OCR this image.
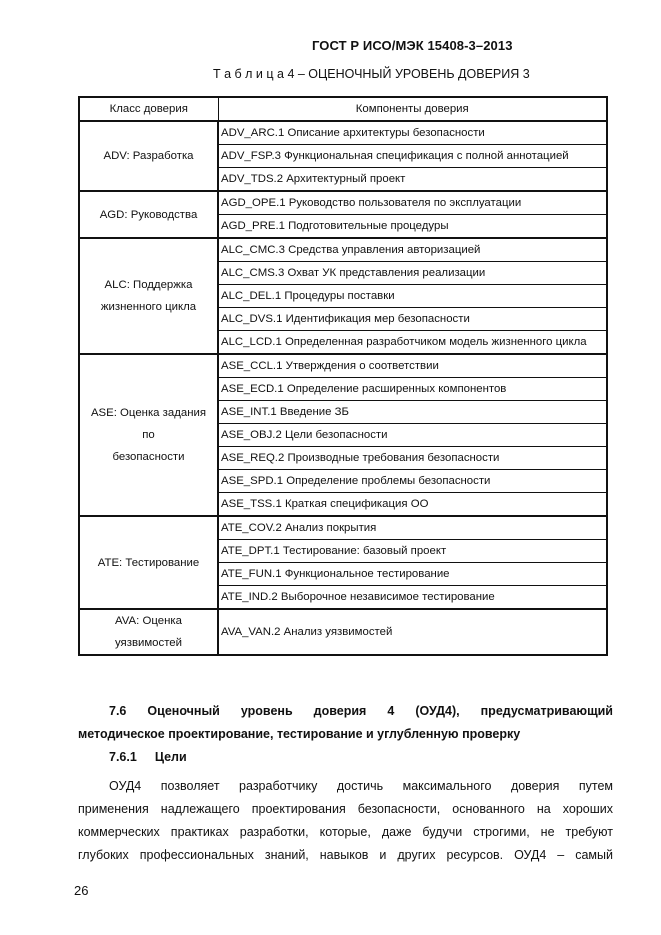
ГОСТ Р ИСО/МЭК 15408-3–2013
Т а б л и ц а 4 – ОЦЕНОЧНЫЙ УРОВЕНЬ ДОВЕРИЯ 3
Класс доверия	Компоненты доверия
ADV: Разработка	ADV_ARC.1 Описание архитектуры безопасности
	ADV_FSP.3 Функциональная спецификация с полной аннотацией
	ADV_TDS.2 Архитектурный проект
AGD: Руководства	AGD_OPE.1 Руководство пользователя по эксплуатации
	AGD_PRE.1 Подготовительные процедуры
ALC: Поддержка
жизненного цикла	ALC_CMC.3 Средства управления авторизацией
	ALC_CMS.3 Охват УК представления реализации
	ALC_DEL.1 Процедуры поставки
	ALC_DVS.1 Идентификация мер безопасности
	ALC_LCD.1 Определенная разработчиком модель жизненного цикла
ASE: Оценка задания
по
безопасности	ASE_CCL.1 Утверждения о соответствии
	ASE_ECD.1 Определение расширенных компонентов
	ASE_INT.1 Введение ЗБ
	ASE_OBJ.2 Цели безопасности
	ASE_REQ.2 Производные требования безопасности
	ASE_SPD.1 Определение проблемы безопасности
	ASE_TSS.1 Краткая спецификация ОО
ATE: Тестирование	ATE_COV.2 Анализ покрытия
	ATE_DPT.1 Тестирование: базовый проект
	ATE_FUN.1 Функциональное тестирование
	ATE_IND.2 Выборочное независимое тестирование
AVA: Оценка
уязвимостей	AVA_VAN.2 Анализ уязвимостей
7.6 Оценочный уровень доверия 4 (ОУД4), предусматривающий
методическое проектирование, тестирование и углубленную проверку
7.6.1 Цели
ОУД4 позволяет разработчику достичь максимального доверия путем
применения надлежащего проектирования безопасности, основанного на хороших
коммерческих практиках разработки, которые, даже будучи строгими, не требуют
глубоких профессиональных знаний, навыков и других ресурсов. ОУД4 – самый
26
